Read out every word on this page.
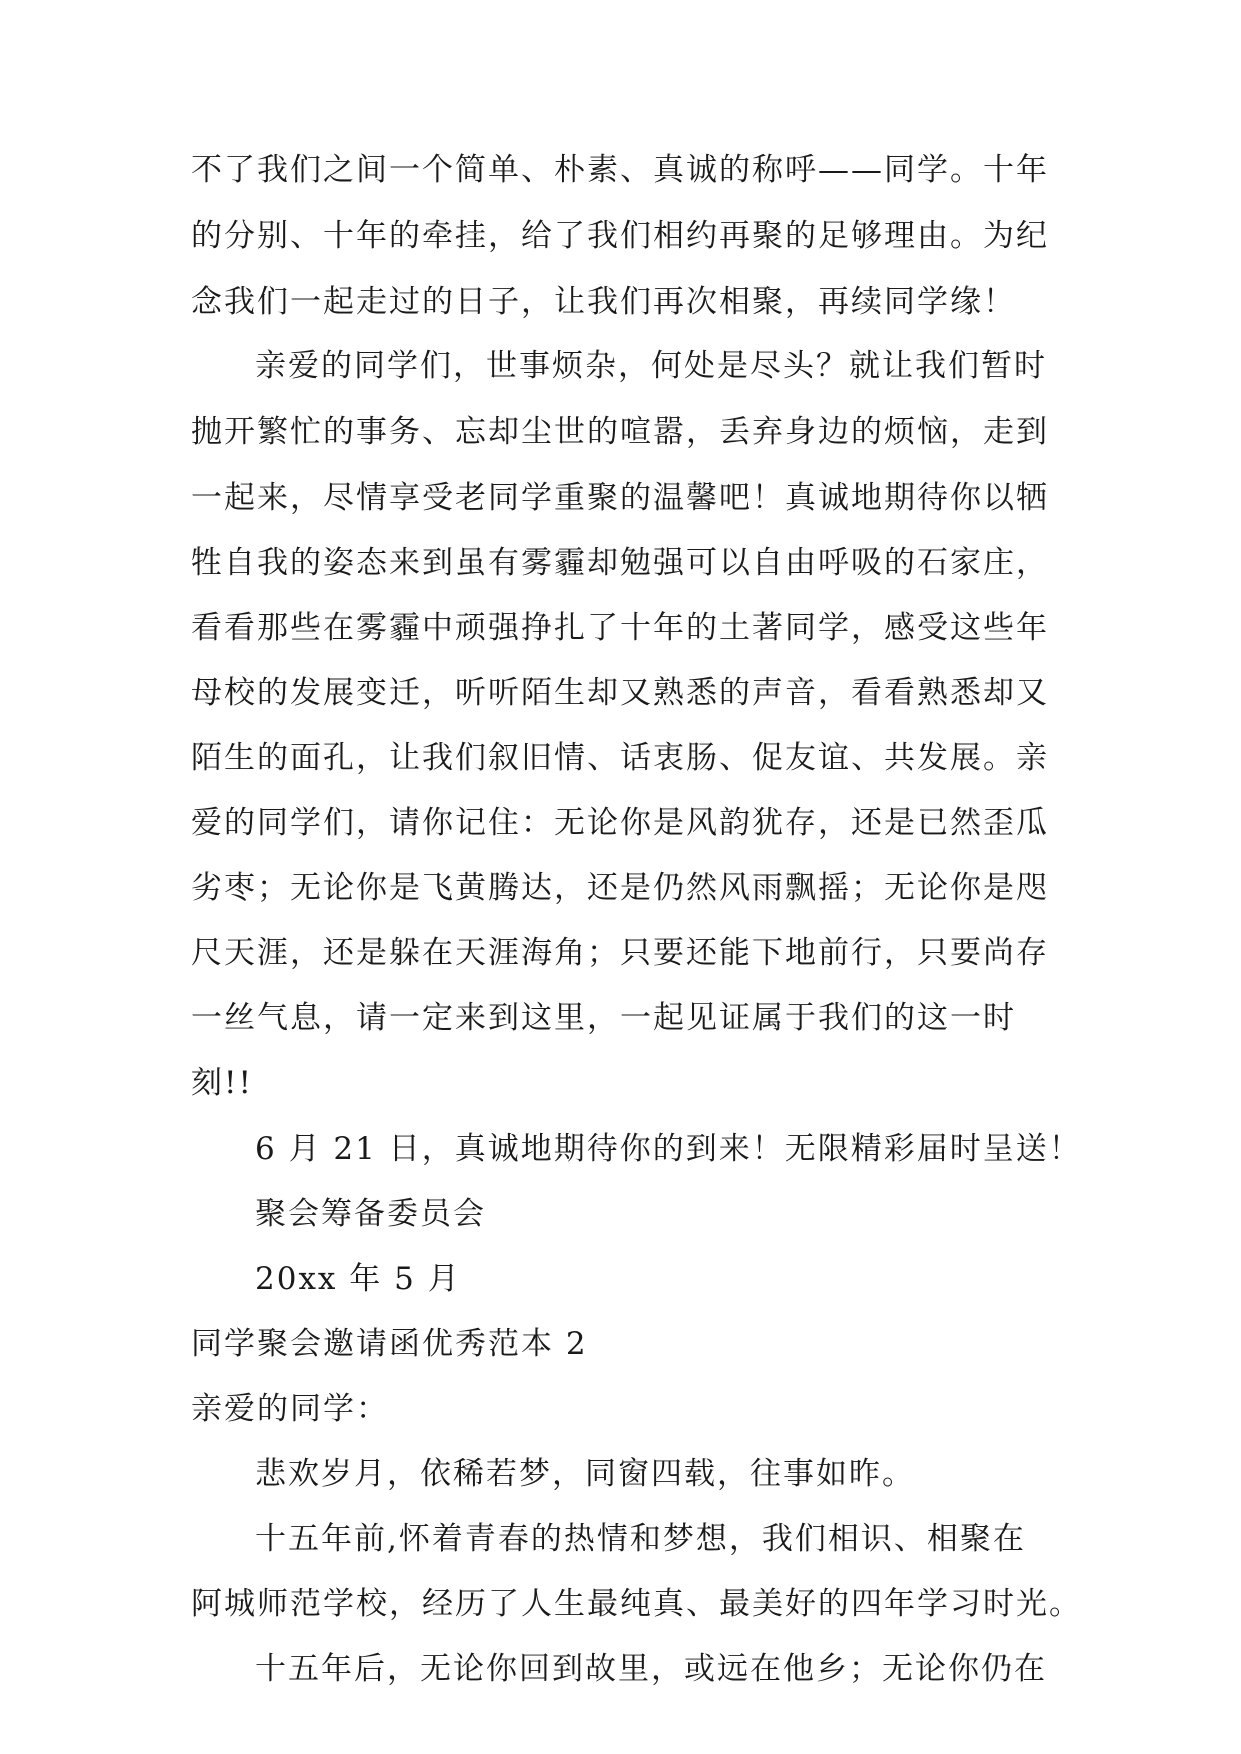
不了我们之间一个简单、朴素、真诚的称呼——同学。十年
的分别、十年的牵挂，给了我们相约再聚的足够理由。为纪
念我们一起走过的日子，让我们再次相聚，再续同学缘！
亲爱的同学们，世事烦杂，何处是尽头？就让我们暂时
抛开繁忙的事务、忘却尘世的喧嚣，丢弃身边的烦恼，走到
一起来，尽情享受老同学重聚的温馨吧！真诚地期待你以牺
牲自我的姿态来到虽有雾霾却勉强可以自由呼吸的石家庄，
看看那些在雾霾中顽强挣扎了十年的土著同学，感受这些年
母校的发展变迁，听听陌生却又熟悉的声音，看看熟悉却又
陌生的面孔，让我们叙旧情、话衷肠、促友谊、共发展。亲
爱的同学们，请你记住：无论你是风韵犹存，还是已然歪瓜
劣枣；无论你是飞黄腾达，还是仍然风雨飘摇；无论你是咫
尺天涯，还是躲在天涯海角；只要还能下地前行，只要尚存
一丝气息，请一定来到这里，一起见证属于我们的这一时
刻!!
6 月 21 日，真诚地期待你的到来！无限精彩届时呈送！
聚会筹备委员会
20xx 年 5 月
同学聚会邀请函优秀范本 2
亲爱的同学：
悲欢岁月，依稀若梦，同窗四载，往事如昨。
十五年前,怀着青春的热情和梦想，我们相识、相聚在
阿城师范学校，经历了人生最纯真、最美好的四年学习时光。
十五年后，无论你回到故里，或远在他乡；无论你仍在
